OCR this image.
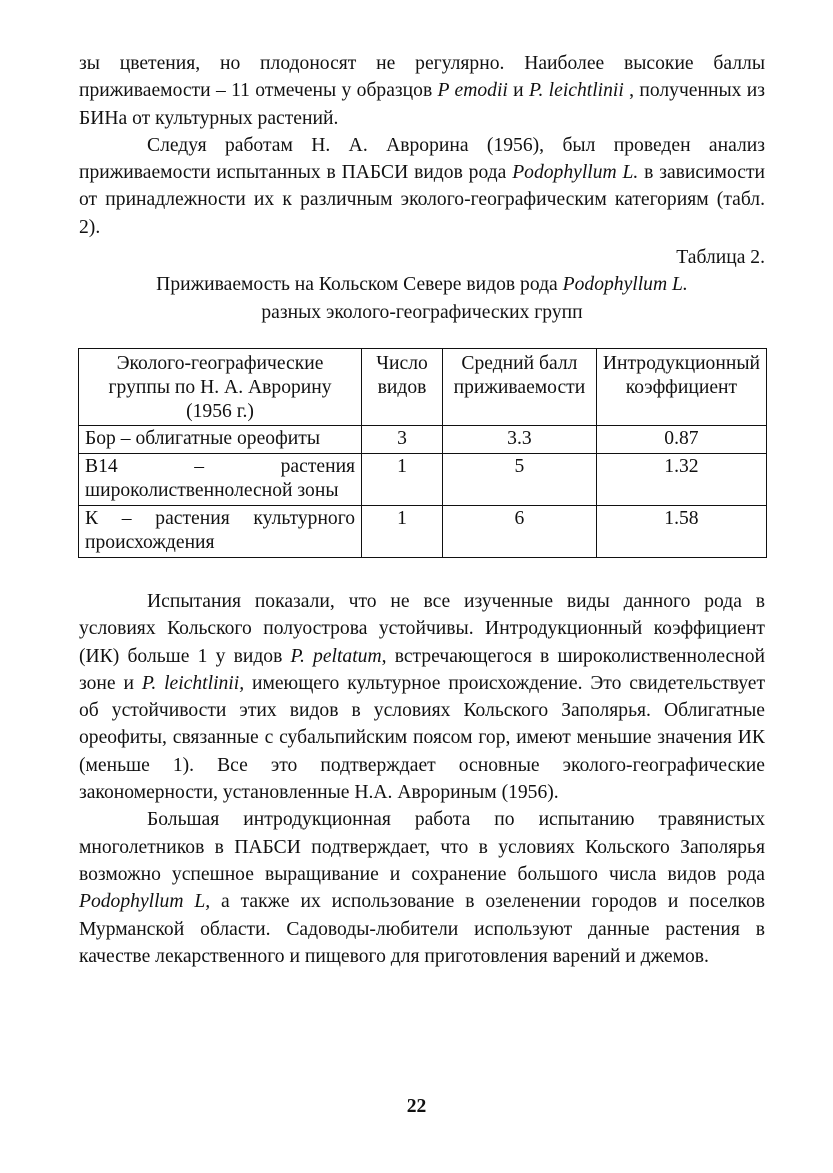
зы цветения, но плодоносят не регулярно. Наиболее высокие баллы приживаемости – 11 отмечены у образцов P emodii и P. leichtlinii , полученных из БИНа от культурных растений.

Следуя работам Н. А. Аврорина (1956), был проведен анализ приживаемости испытанных в ПАБСИ видов рода Podophyllum L. в зависимости от принадлежности их к различным эколого-географическим категориям (табл. 2).

Таблица 2.
Приживаемость на Кольском Севере видов рода Podophyllum L.
разных эколого-географических групп
Эколого-географические группы по Н. А. Аврорину (1956 г.)	Число видов	Средний балл приживаемости	Интродукционный коэффициент
Бор – облигатные ореофиты	3	3.3	0.87
В14 – растения широколиственнолесной зоны	1	5	1.32
К – растения культурного происхождения	1	6	1.58

Испытания показали, что не все изученные виды данного рода в условиях Кольского полуострова устойчивы. Интродукционный коэффициент (ИК) больше 1 у видов P. peltatum, встречающегося в широколиственнолесной зоне и P. leichtlinii, имеющего культурное происхождение. Это свидетельствует об устойчивости этих видов в условиях Кольского Заполярья. Облигатные ореофиты, связанные с субальпийским поясом гор, имеют меньшие значения ИК (меньше 1). Все это подтверждает основные эколого-географические закономерности, установленные Н.А. Аврориным (1956).

Большая интродукционная работа по испытанию травянистых многолетников в ПАБСИ подтверждает, что в условиях Кольского Заполярья возможно успешное выращивание и сохранение большого числа видов рода Podophyllum L, а также их использование в озеленении городов и поселков Мурманской области. Садоводы-любители используют данные растения в качестве лекарственного и пищевого для приготовления варений и джемов.

22
